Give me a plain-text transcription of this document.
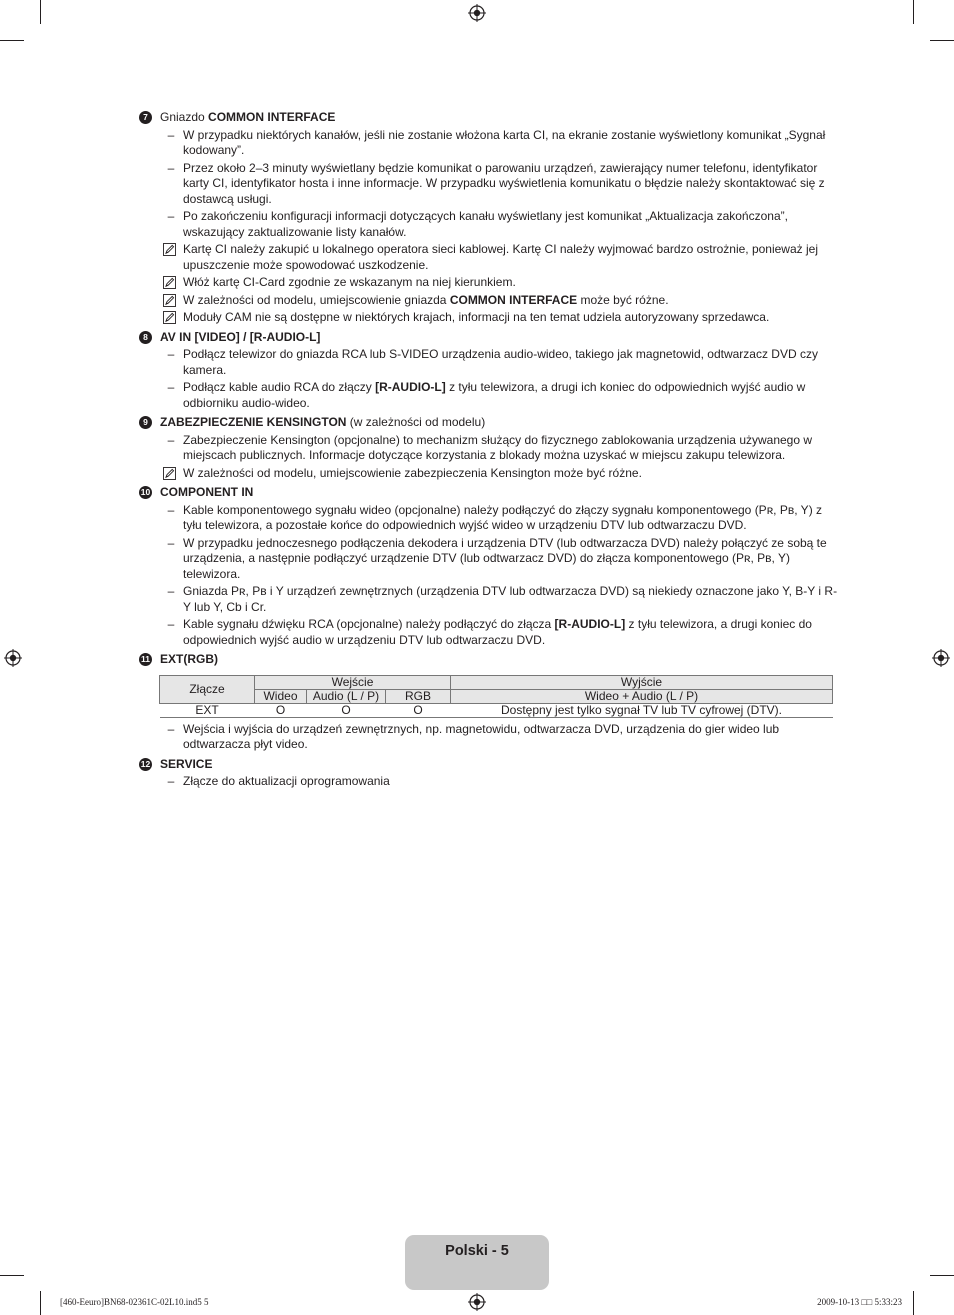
7	Gniazdo COMMON INTERFACE
– W przypadku niektórych kanałów, jeśli nie zostanie włożona karta CI, na ekranie zostanie wyświetlony komunikat „Sygnał kodowany”.
– Przez około 2–3 minuty wyświetlany będzie komunikat o parowaniu urządzeń, zawierający numer telefonu, identyfikator karty CI, identyfikator hosta i inne informacje. W przypadku wyświetlenia komunikatu o błędzie należy skontaktować się z dostawcą usługi.
– Po zakończeniu konfiguracji informacji dotyczących kanału wyświetlany jest komunikat „Aktualizacja zakończona”, wskazujący zaktualizowanie listy kanałów.
Kartę CI należy zakupić u lokalnego operatora sieci kablowej. Kartę CI należy wyjmować bardzo ostrożnie, ponieważ jej upuszczenie może spowodować uszkodzenie.
Włóż kartę CI-Card zgodnie ze wskazanym na niej kierunkiem.
W zależności od modelu, umiejscowienie gniazda COMMON INTERFACE może być różne.
Moduły CAM nie są dostępne w niektórych krajach, informacji na ten temat udziela autoryzowany sprzedawca.
8	AV IN [VIDEO] / [R-AUDIO-L]
– Podłącz telewizor do gniazda RCA lub S-VIDEO urządzenia audio-wideo, takiego jak magnetowid, odtwarzacz DVD czy kamera.
– Podłącz kable audio RCA do złączy [R-AUDIO-L] z tyłu telewizora, a drugi ich koniec do odpowiednich wyjść audio w odbiorniku audio-wideo.
9	ZABEZPIECZENIE KENSINGTON (w zależności od modelu)
– Zabezpieczenie Kensington (opcjonalne) to mechanizm służący do fizycznego zablokowania urządzenia używanego w miejscach publicznych. Informacje dotyczące korzystania z blokady można uzyskać w miejscu zakupu telewizora.
W zależności od modelu, umiejscowienie zabezpieczenia Kensington może być różne.
10 COMPONENT IN
– Kable komponentowego sygnału wideo (opcjonalne) należy podłączyć do złączy sygnału komponentowego (Pʀ, Pʙ, Y) z tyłu telewizora, a pozostałe końce do odpowiednich wyjść wideo w urządzeniu DTV lub odtwarzaczu DVD.
– W przypadku jednoczesnego podłączenia dekodera i urządzenia DTV (lub odtwarzacza DVD) należy połączyć ze sobą te urządzenia, a następnie podłączyć urządzenie DTV (lub odtwarzacz DVD) do złącza komponentowego (Pʀ, Pʙ, Y) telewizora.
– Gniazda Pʀ, Pʙ i Y urządzeń zewnętrznych (urządzenia DTV lub odtwarzacza DVD) są niekiedy oznaczone jako Y, B-Y i R-Y lub Y, Cb i Cr.
– Kable sygnału dźwięku RCA (opcjonalne) należy podłączyć do złącza [R-AUDIO-L] z tyłu telewizora, a drugi koniec do odpowiednich wyjść audio w urządzeniu DTV lub odtwarzaczu DVD.
11 EXT(RGB)
Złącze	Wejście			Wyjście
	Wideo	Audio (L / P)	RGB	Wideo + Audio (L / P)
EXT	O	O	O	Dostępny jest tylko sygnał TV lub TV cyfrowej (DTV).
– Wejścia i wyjścia do urządzeń zewnętrznych, np. magnetowidu, odtwarzacza DVD, urządzenia do gier wideo lub odtwarzacza płyt video.
12 SERVICE
– Złącze do aktualizacji oprogramowania
Polski - 5
[460-Eeuro]BN68-02361C-02L10.ind5 5	2009-10-13 □□ 5:33:23
